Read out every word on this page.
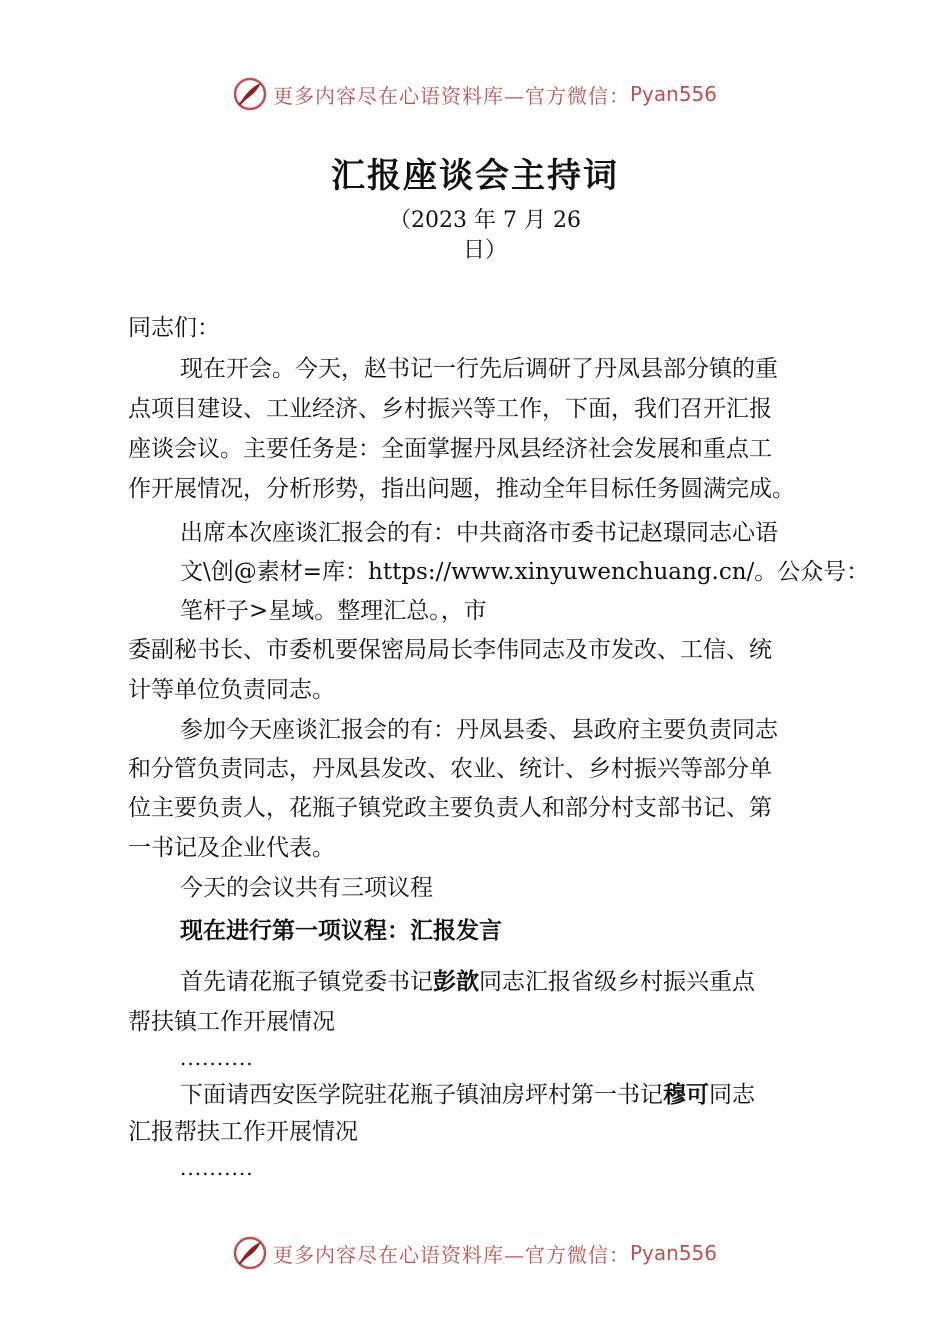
更多内容尽在心语资料库—官方微信： Pyan556
汇报座谈会主持词
（2023 年 7 月 26
日）
同志们：
现在开会。今天，赵书记一行先后调研了丹凤县部分镇的重
点项目建设、工业经济、乡村振兴等工作，下面，我们召开汇报
座谈会议。主要任务是：全面掌握丹凤县经济社会发展和重点工
作开展情况，分析形势，指出问题，推动全年目标任务圆满完成。
出席本次座谈汇报会的有：中共商洛市委书记赵璟同志心语
文\创@素材=库：https://www.xinyuwenchuang.cn/。公众号：
笔杆子>星域。整理汇总。，市
委副秘书长、市委机要保密局局长李伟同志及市发改、工信、统
计等单位负责同志。
参加今天座谈汇报会的有：丹凤县委、县政府主要负责同志
和分管负责同志，丹凤县发改、农业、统计、乡村振兴等部分单
位主要负责人，花瓶子镇党政主要负责人和部分村支部书记、第
一书记及企业代表。
今天的会议共有三项议程
现在进行第一项议程：汇报发言
首先请花瓶子镇党委书记彭歆同志汇报省级乡村振兴重点
帮扶镇工作开展情况
..........
下面请西安医学院驻花瓶子镇油房坪村第一书记穆可同志
汇报帮扶工作开展情况
..........
更多内容尽在心语资料库—官方微信： Pyan556
